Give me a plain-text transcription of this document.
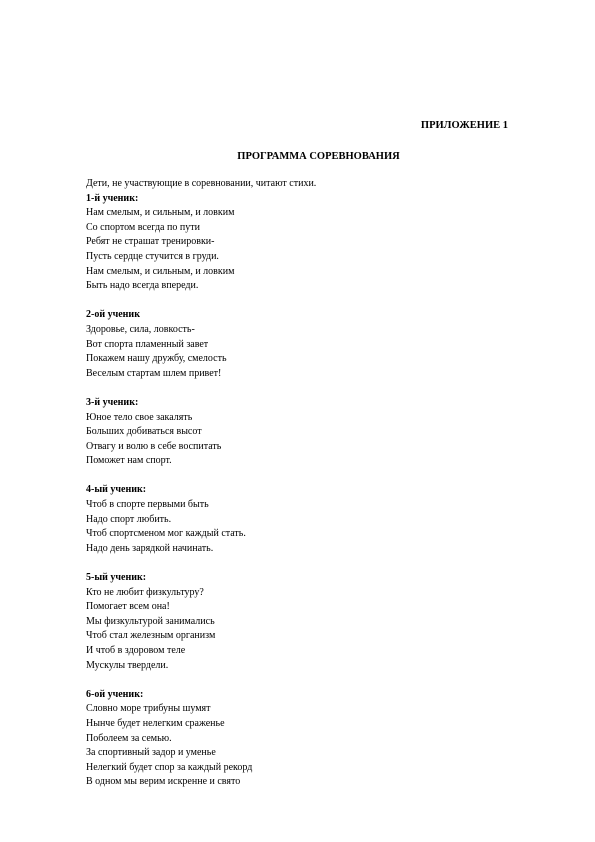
ПРИЛОЖЕНИЕ 1
ПРОГРАММА СОРЕВНОВАНИЯ
Дети, не участвующие в соревновании, читают стихи.
1-й ученик:
Нам смелым, и сильным, и ловким
Со спортом всегда по пути
Ребят не страшат тренировки-
Пусть сердце стучится в груди.
Нам смелым, и сильным, и ловким
Быть надо всегда впереди.
2-ой ученик
Здоровье, сила, ловкость-
Вот спорта пламенный завет
Покажем нашу дружбу, смелость
Веселым стартам шлем привет!
3-й ученик:
Юное тело свое закалять
Больших добиваться высот
Отвагу и волю в себе воспитать
Поможет нам спорт.
4-ый ученик:
Чтоб в спорте первыми быть
Надо спорт любить.
Чтоб спортсменом мог каждый стать.
Надо день зарядкой начинать.
5-ый ученик:
Кто не любит физкультуру?
Помогает всем она!
Мы физкультурой занимались
Чтоб стал железным организм
И чтоб в здоровом теле
Мускулы твердели.
6-ой ученик:
Словно море трибуны шумят
Нынче будет нелегким сраженье
Поболеем за семью.
За спортивный задор и уменье
Нелегкий будет спор за каждый рекорд
В одном мы верим искренне и свято
